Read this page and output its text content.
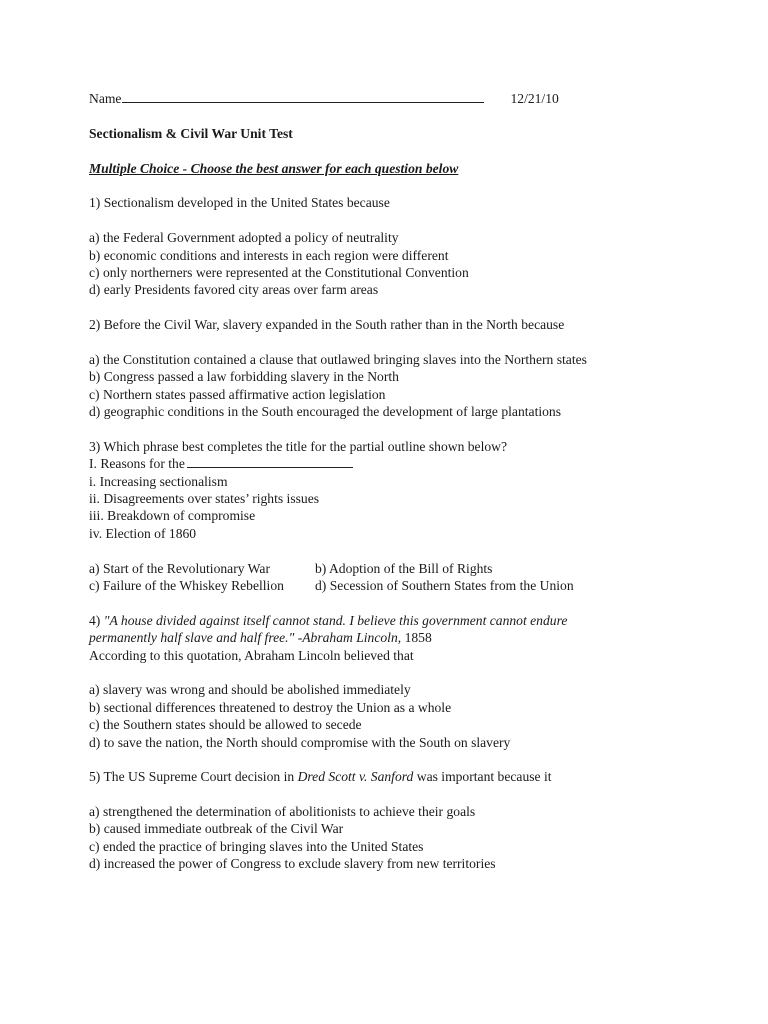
Name	12/21/10
Sectionalism & Civil War Unit Test
Multiple Choice - Choose the best answer for each question below
1) Sectionalism developed in the United States because
a) the Federal Government adopted a policy of neutrality
b) economic conditions and interests in each region were different
c) only northerners were represented at the Constitutional Convention
d) early Presidents favored city areas over farm areas
2) Before the Civil War, slavery expanded in the South rather than in the North because
a) the Constitution contained a clause that outlawed bringing slaves into the Northern states
b) Congress passed a law forbidding slavery in the North
c) Northern states passed affirmative action legislation
d) geographic conditions in the South encouraged the development of large plantations
3) Which phrase best completes the title for the partial outline shown below?
I. Reasons for the
i. Increasing sectionalism
ii. Disagreements over states’ rights issues
iii. Breakdown of compromise
iv. Election of 1860
a) Start of the Revolutionary War	b) Adoption of the Bill of Rights
c) Failure of the Whiskey Rebellion	d) Secession of Southern States from the Union
4) "A house divided against itself cannot stand. I believe this government cannot endure
permanently half slave and half free." -Abraham Lincoln, 1858
According to this quotation, Abraham Lincoln believed that
a) slavery was wrong and should be abolished immediately
b) sectional differences threatened to destroy the Union as a whole
c) the Southern states should be allowed to secede
d) to save the nation, the North should compromise with the South on slavery
5) The US Supreme Court decision in Dred Scott v. Sanford was important because it
a) strengthened the determination of abolitionists to achieve their goals
b) caused immediate outbreak of the Civil War
c) ended the practice of bringing slaves into the United States
d) increased the power of Congress to exclude slavery from new territories
